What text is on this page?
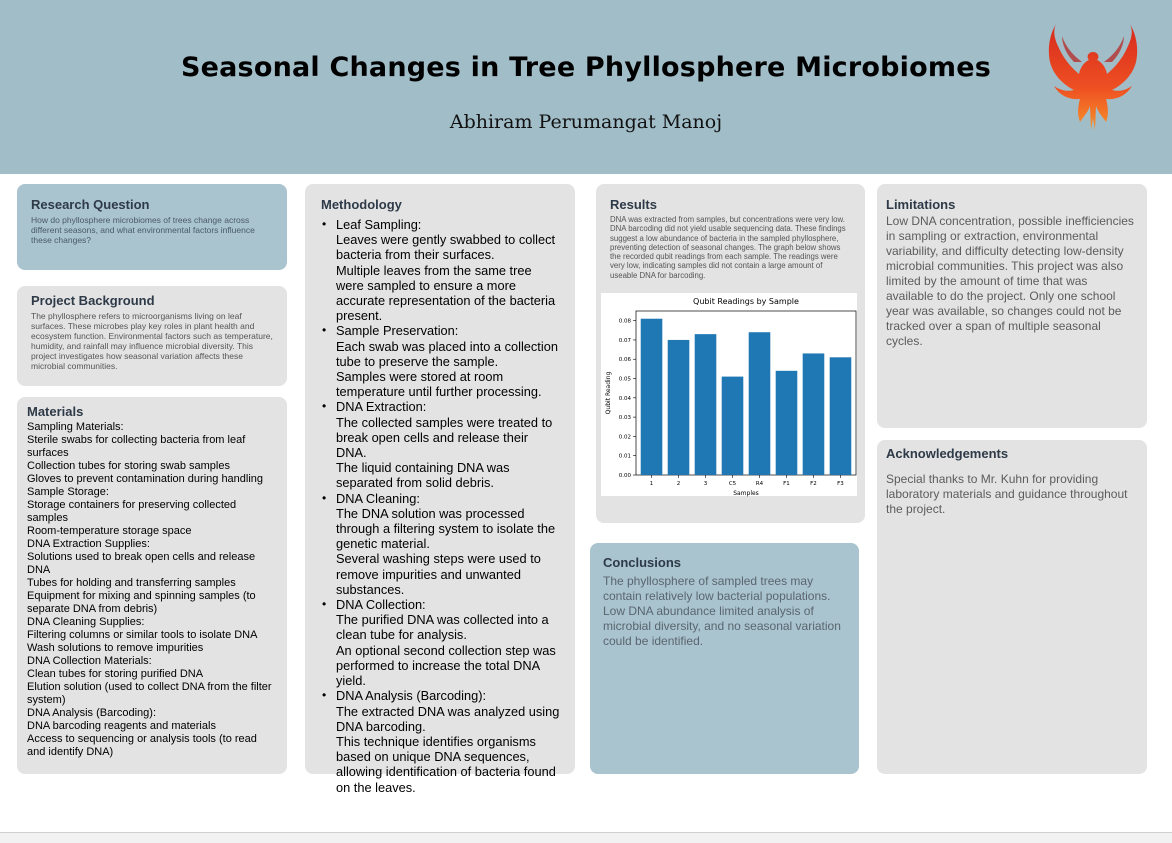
Seasonal Changes in Tree Phyllosphere Microbiomes
Abhiram Perumangat Manoj
Research Question
How do phyllosphere microbiomes of trees change across different seasons, and what environmental factors influence these changes?
Project Background
The phyllosphere refers to microorganisms living on leaf surfaces. These microbes play key roles in plant health and ecosystem function. Environmental factors such as temperature, humidity, and rainfall may influence microbial diversity. This project investigates how seasonal variation affects these microbial communities.
Materials
Sampling Materials:
Sterile swabs for collecting bacteria from leaf surfaces
Collection tubes for storing swab samples
Gloves to prevent contamination during handling
Sample Storage:
Storage containers for preserving collected samples
Room-temperature storage space
DNA Extraction Supplies:
Solutions used to break open cells and release DNA
Tubes for holding and transferring samples
Equipment for mixing and spinning samples (to separate DNA from debris)
DNA Cleaning Supplies:
Filtering columns or similar tools to isolate DNA
Wash solutions to remove impurities
DNA Collection Materials:
Clean tubes for storing purified DNA
Elution solution (used to collect DNA from the filter system)
DNA Analysis (Barcoding):
DNA barcoding reagents and materials
Access to sequencing or analysis tools (to read and identify DNA)
Methodology
• Leaf Sampling:
Leaves were gently swabbed to collect bacteria from their surfaces.
Multiple leaves from the same tree were sampled to ensure a more accurate representation of the bacteria present.
• Sample Preservation:
Each swab was placed into a collection tube to preserve the sample.
Samples were stored at room temperature until further processing.
• DNA Extraction:
The collected samples were treated to break open cells and release their DNA.
The liquid containing DNA was separated from solid debris.
• DNA Cleaning:
The DNA solution was processed through a filtering system to isolate the genetic material.
Several washing steps were used to remove impurities and unwanted substances.
• DNA Collection:
The purified DNA was collected into a clean tube for analysis.
An optional second collection step was performed to increase the total DNA yield.
• DNA Analysis (Barcoding):
The extracted DNA was analyzed using DNA barcoding.
This technique identifies organisms based on unique DNA sequences, allowing identification of bacteria found on the leaves.
Results
DNA was extracted from samples, but concentrations were very low. DNA barcoding did not yield usable sequencing data. These findings suggest a low abundance of bacteria in the sampled phyllosphere, preventing detection of seasonal changes. The graph below shows the recorded qubit readings from each sample. The readings were very low, indicating samples did not contain a large amount of useable DNA for barcoding.
Qubit Readings by Sample
0.00
0.01
0.02
0.03
0.04
0.05
0.06
0.07
0.08
1	2	3	C5	R4	F1	F2	F3
Samples
Qubit Reading
Conclusions
The phyllosphere of sampled trees may contain relatively low bacterial populations. Low DNA abundance limited analysis of microbial diversity, and no seasonal variation could be identified.
Limitations
Low DNA concentration, possible inefficiencies in sampling or extraction, environmental variability, and difficulty detecting low-density microbial communities. This project was also limited by the amount of time that was available to do the project. Only one school year was available, so changes could not be tracked over a span of multiple seasonal cycles.
Acknowledgements
Special thanks to Mr. Kuhn for providing laboratory materials and guidance throughout the project.
